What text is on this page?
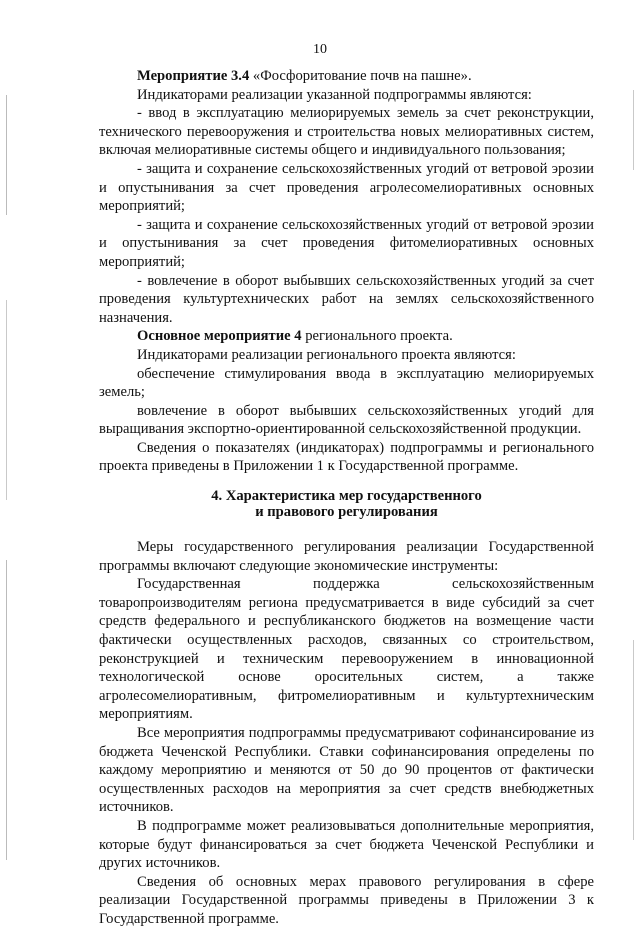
10

Мероприятие 3.4 «Фосфоритование почв на пашне».

Индикаторами реализации указанной подпрограммы являются:

- ввод в эксплуатацию мелиорируемых земель за счет реконструкции, технического перевооружения и строительства новых мелиоративных систем, включая мелиоративные системы общего и индивидуального пользования;

- защита и сохранение сельскохозяйственных угодий от ветровой эрозии и опустынивания за счет проведения агролесомелиоративных основных мероприятий;

- защита и сохранение сельскохозяйственных угодий от ветровой эрозии и опустынивания за счет проведения фитомелиоративных основных мероприятий;

- вовлечение в оборот выбывших сельскохозяйственных угодий за счет проведения культуртехнических работ на землях сельскохозяйственного назначения.

Основное мероприятие 4 регионального проекта.

Индикаторами реализации регионального проекта являются:

обеспечение стимулирования ввода в эксплуатацию мелиорируемых земель;

вовлечение в оборот выбывших сельскохозяйственных угодий для выращивания экспортно-ориентированной сельскохозяйственной продукции.

Сведения о показателях (индикаторах) подпрограммы и регионального проекта приведены в Приложении 1 к Государственной программе.

4. Характеристика мер государственного
и правового регулирования

Меры государственного регулирования реализации Государственной программы включают следующие экономические инструменты:

Государственная поддержка сельскохозяйственным товаропроизводителям региона предусматривается в виде субсидий за счет средств федерального и республиканского бюджетов на возмещение части фактически осуществленных расходов, связанных со строительством, реконструкцией и техническим перевооружением в инновационной технологической основе оросительных систем, а также агролесомелиоративным, фитромелиоративным и культуртехническим мероприятиям.

Все мероприятия подпрограммы предусматривают софинансирование из бюджета Чеченской Республики. Ставки софинансирования определены по каждому мероприятию и меняются от 50 до 90 процентов от фактически осуществленных расходов на мероприятия за счет средств внебюджетных источников.

В подпрограмме может реализовываться дополнительные мероприятия, которые будут финансироваться за счет бюджета Чеченской Республики и других источников.

Сведения об основных мерах правового регулирования в сфере реализации Государственной программы приведены в Приложении 3 к Государственной программе.
